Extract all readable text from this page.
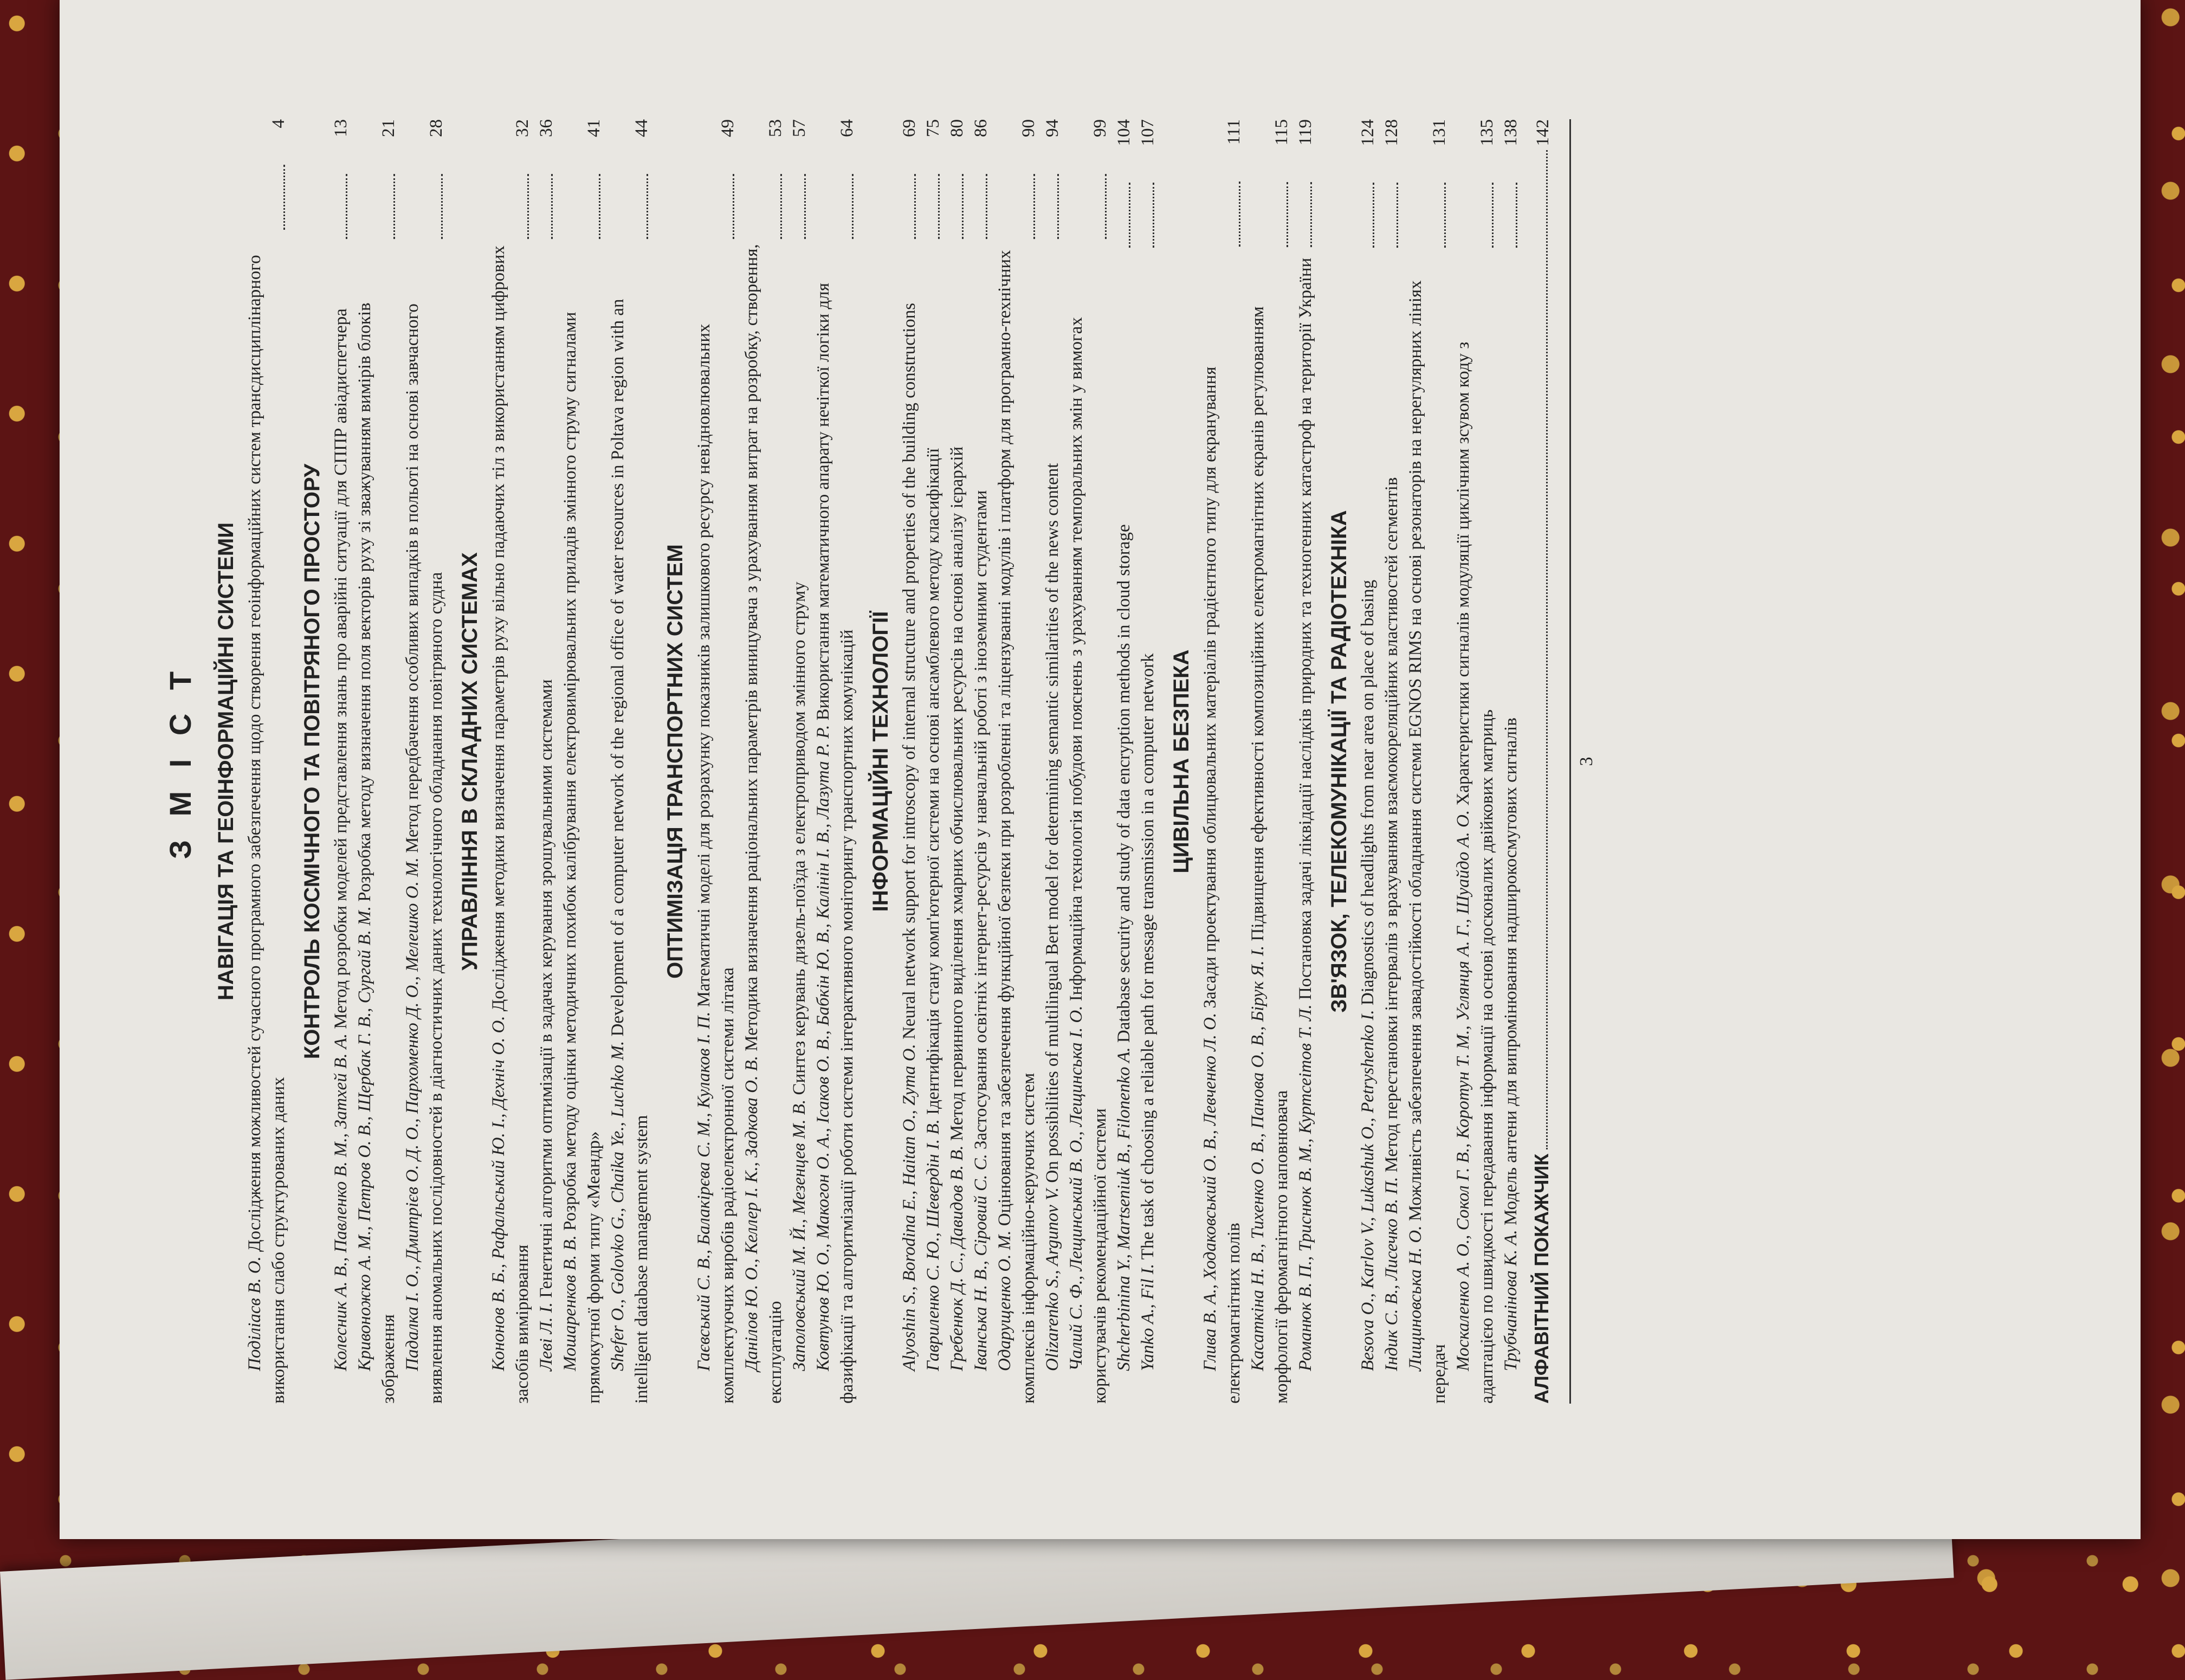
З М І С Т НАВІГАЦІЯ ТА ГЕОІНФОРМАЦІЙНІ СИСТЕМИ
Поділіасв В. О. Дослідження можливостей сучасного програмного забезпечення щодо створення геоінформаційних систем трансдисциплінарного використання слабо структурованих даних
4
КОНТРОЛЬ КОСМІЧНОГО ТА ПОВІТРЯНОГО ПРОСТОРУ
Колесник А. В., Павленко В. М., Затхей В. А. Метод розробки моделей представлення знань про аварійні ситуації для СППР авіадиспетчера
13
Кривоножко А. М., Петров О. В., Щербак Г. В., Сургай В. М. Розробка методу визначення поля векторів руху зі зважуванням вимірів блоків зображення
21
Падалка І. О., Дмитрієв О. Д. О., Пархоменко Д. О., Мелешко О. М. Метод передбачення особливих випадків в польоті на основі завчасного виявлення аномальних послідовностей в діагностичних даних технологічного обладнання повітряного судна
28
УПРАВЛІННЯ В СКЛАДНИХ СИСТЕМАХ
Кононов В. Б., Рафальський Ю. І., Дехніч О. О. Дослідження методики визначення параметрів руху вільно падаючих тіл з використанням цифрових засобів вимірювання
32
Леві Л. І. Генетичні алгоритми оптимізації в задачах керування зрошувальними системами
36
Мошаренков В. В. Розробка методу оцінки методичних похибок калібрування електровимірювальних приладів змінного струму сигналами прямокутної форми типу «Меандр»
41
Shefer O., Golovko G., Chaika Ye., Luchko M. Development of a computer network of the regional office of water resources in Poltava region with an intelligent database management system
44
ОПТИМІЗАЦІЯ ТРАНСПОРТНИХ СИСТЕМ
Гаєвський С. В., Балакірєва С. М., Кулаков І. П. Математичні моделі для розрахунку показників залишкового ресурсу невідновлювальних комплектуючих виробів радіоелектронної системи літака
49
Данілов Ю. О., Келлер І. К., Задкова О. В. Методика визначення раціональних параметрів виницувача з урахуванням витрат на розробку, створення, експлуатацію
53
Заполовський М. Й., Мезенцев М. В. Синтез керувань дизель-поїзда з електроприводом змінного струму
57
Ковтунов Ю. О., Макогон О. А., Ісаков О. В., Бабкін Ю. В., Калінін І. В., Лазута Р. Р. Використання математичного апарату нечіткої логіки для фазифікації та алгоритмізації роботи системи інтерактивного моніторингу транспортних комунікацій
64
ІНФОРМАЦІЙНІ ТЕХНОЛОГІЇ
Alyoshin S., Borodina E., Haitan O., Zyma O. Neural network support for introscopy of internal structure and properties of the building constructions
69
Гавриленко С. Ю., Шевердін І. В. Ідентифікація стану комп'ютерної системи на основі ансамблевого методу класифікації
75
Гребенюк Д. С., Давидов В. В. Метод первинного виділення хмарних обчислювальних ресурсів на основі аналізу ієрархій
80
Іванська Н. В., Сіровий С. С. Застосування освітніх інтернет-ресурсів у навчальній роботі з іноземними студентами
86
Одарущенко О. М. Оцінювання та забезпечення функційної безпеки при розробленні та ліцензуванні модулів і платформ для програмно-технічних комплексів інформаційно-керуючих систем
90
Olizarenko S., Argunov V. On possibilities of multilingual Bert model for determining semantic similarities of the news content
94
Чалий С. Ф., Лещинський В. О., Лещинська І. О. Інформаційна технологія побудови пояснень з урахуванням темпоральних змін у вимогах користувачів рекомендаційної системи
99
Shcherbinina Y., Martseniuk B., Filonenko A. Database security and study of data encryption methods in cloud storage
104
Yanko A., Fil I. The task of choosing a reliable path for message transmission in a computer network
107
ЦИВІЛЬНА БЕЗПЕКА
Глива В. А., Ходаковський О. В., Левченко Л. О. Засади проектування облицювальних матеріалів градієнтного типу для екранування електромагнітних полів
111
Касаткіна Н. В., Тихенко О. В., Панова О. В., Бірук Я. І. Підвищення ефективності композиційних електромагнітних екранів регулюванням морфології феромагнітного наповнювача
115
Романюк В. П., Триснюк В. М., Куртсеітов Т. Л. Постановка задачі ліквідації наслідків природних та техногенних катастроф на території України
119
ЗВ'ЯЗОК, ТЕЛЕКОМУНІКАЦІЇ ТА РАДІОТЕХНІКА
Besova O., Karlov V., Lukashuk O., Petryshenko I. Diagnostics of headlights from near area on place of basing
124
Індик С. В., Лисечко В. П. Метод перестановки інтервалів з врахуванням взаємокореляційних властивостей сегментів
128
Лищиновська Н. О. Можливість забезпечення завадостійкості обладнання системи EGNOS RIMS на основі резонаторів на нерегулярних лініях передач
131
Москаленко А. О., Сокол Г. В., Коротун Т. М., Углянця А. Г., Шуайдо А. О. Характеристики сигналів модуляції циклічним зсувом коду з адаптацією по швидкості передавання інформації на основі досконалих двійкових матриць
135
Трубчанінова К. А. Модель антени для випромінювання надширокосмугових сигналів
138
АЛФАВІТНИЙ ПОКАЖЧИК
142
3
